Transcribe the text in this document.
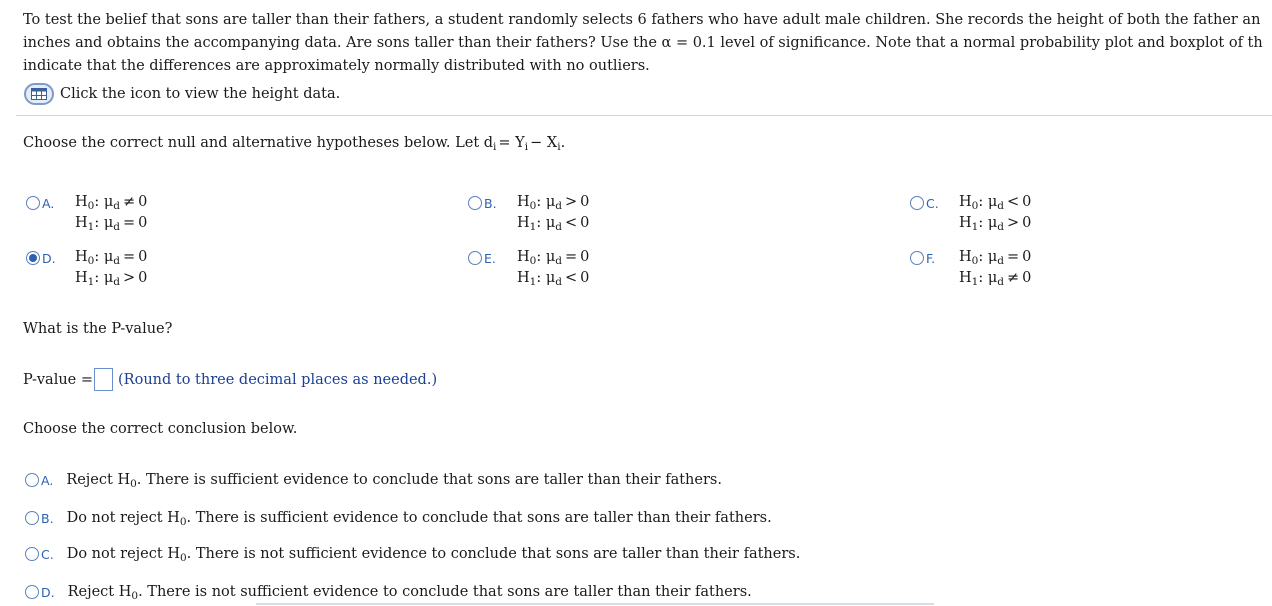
To test the belief that sons are taller than their fathers, a student randomly selects 6 fathers who have adult male children. She records the height of both the father an
inches and obtains the accompanying data. Are sons taller than their fathers? Use the α = 0.1 level of significance. Note that a normal probability plot and boxplot of th
indicate that the differences are approximately normally distributed with no outliers.
Click the icon to view the height data.
Choose the correct null and alternative hypotheses below. Let $d_i = Y_i - X_i$.
A. $H_0$: $\mu_d \ne 0$
$H_1$: $\mu_d = 0$
B. $H_0$: $\mu_d > 0$
$H_1$: $\mu_d < 0$
C. $H_0$: $\mu_d < 0$
$H_1$: $\mu_d > 0$
D. $H_0$: $\mu_d = 0$
$H_1$: $\mu_d > 0$
E. $H_0$: $\mu_d = 0$
$H_1$: $\mu_d < 0$
F. $H_0$: $\mu_d = 0$
$H_1$: $\mu_d \ne 0$
What is the P-value?
P-value = (Round to three decimal places as needed.)
Choose the correct conclusion below.
A. Reject $H_0$. There is sufficient evidence to conclude that sons are taller than their fathers.
B. Do not reject $H_0$. There is sufficient evidence to conclude that sons are taller than their fathers.
C. Do not reject $H_0$. There is not sufficient evidence to conclude that sons are taller than their fathers.
D. Reject $H_0$. There is not sufficient evidence to conclude that sons are taller than their fathers.
